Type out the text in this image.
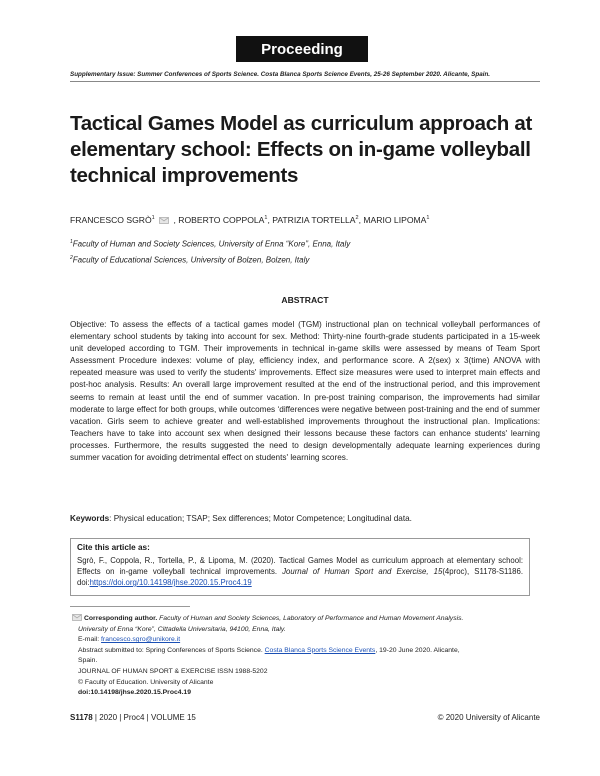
Proceeding
Supplementary Issue: Summer Conferences of Sports Science. Costa Blanca Sports Science Events, 25-26 September 2020. Alicante, Spain.
Tactical Games Model as curriculum approach at elementary school: Effects on in-game volleyball technical improvements
FRANCESCO SGRÒ$^1$  , ROBERTO COPPOLA$^1$, PATRIZIA TORTELLA$^2$, MARIO LIPOMA$^1$
$^1$Faculty of Human and Society Sciences, University of Enna “Kore”, Enna, Italy
$^2$Faculty of Educational Sciences, University of Bolzen, Bolzen, Italy
ABSTRACT
Objective: To assess the effects of a tactical games model (TGM) instructional plan on technical volleyball performances of elementary school students by taking into account for sex. Method: Thirty-nine fourth-grade students participated in a 15-week unit developed according to TGM. Their improvements in technical in-game skills were assessed by means of Team Sport Assessment Procedure indexes: volume of play, efficiency index, and performance score. A 2(sex) x 3(time) ANOVA with repeated measure was used to verify the students' improvements. Effect size measures were used to interpret main effects and post-hoc analysis. Results: An overall large improvement resulted at the end of the instructional period, and this improvement seems to remain at least until the end of summer vacation. In pre-post training comparison, the improvements had similar moderate to large effect for both groups, while outcomes ‘differences were negative between post-training and the end of summer vacation. Girls seem to achieve greater and well-established improvements throughout the instructional plan. Implications: Teachers have to take into account sex when designed their lessons because these factors can enhance students' learning processes. Furthermore, the results suggested the need to design developmentally adequate learning experiences during summer vacation for avoiding detrimental effect on students' learning scores.
Keywords: Physical education; TSAP; Sex differences; Motor Competence; Longitudinal data.
Cite this article as:
Sgrò, F., Coppola, R., Tortella, P., & Lipoma, M. (2020). Tactical Games Model as curriculum approach at elementary school: Effects on in-game volleyball technical improvements. Journal of Human Sport and Exercise, 15(4proc), S1178-S1186. doi:https://doi.org/10.14198/jhse.2020.15.Proc4.19
Corresponding author. Faculty of Human and Society Sciences, Laboratory of Performance and Human Movement Analysis.
University of Enna “Kore”, Cittadella Universitaria, 94100, Enna, Italy.
E-mail: francesco.sgro@unikore.it
Abstract submitted to: Spring Conferences of Sports Science. Costa Blanca Sports Science Events, 19-20 June 2020. Alicante,
Spain.
JOURNAL OF HUMAN SPORT & EXERCISE ISSN 1988-5202
© Faculty of Education. University of Alicante
doi:10.14198/jhse.2020.15.Proc4.19
S1178 | 2020 | Proc4 | VOLUME 15	© 2020 University of Alicante
